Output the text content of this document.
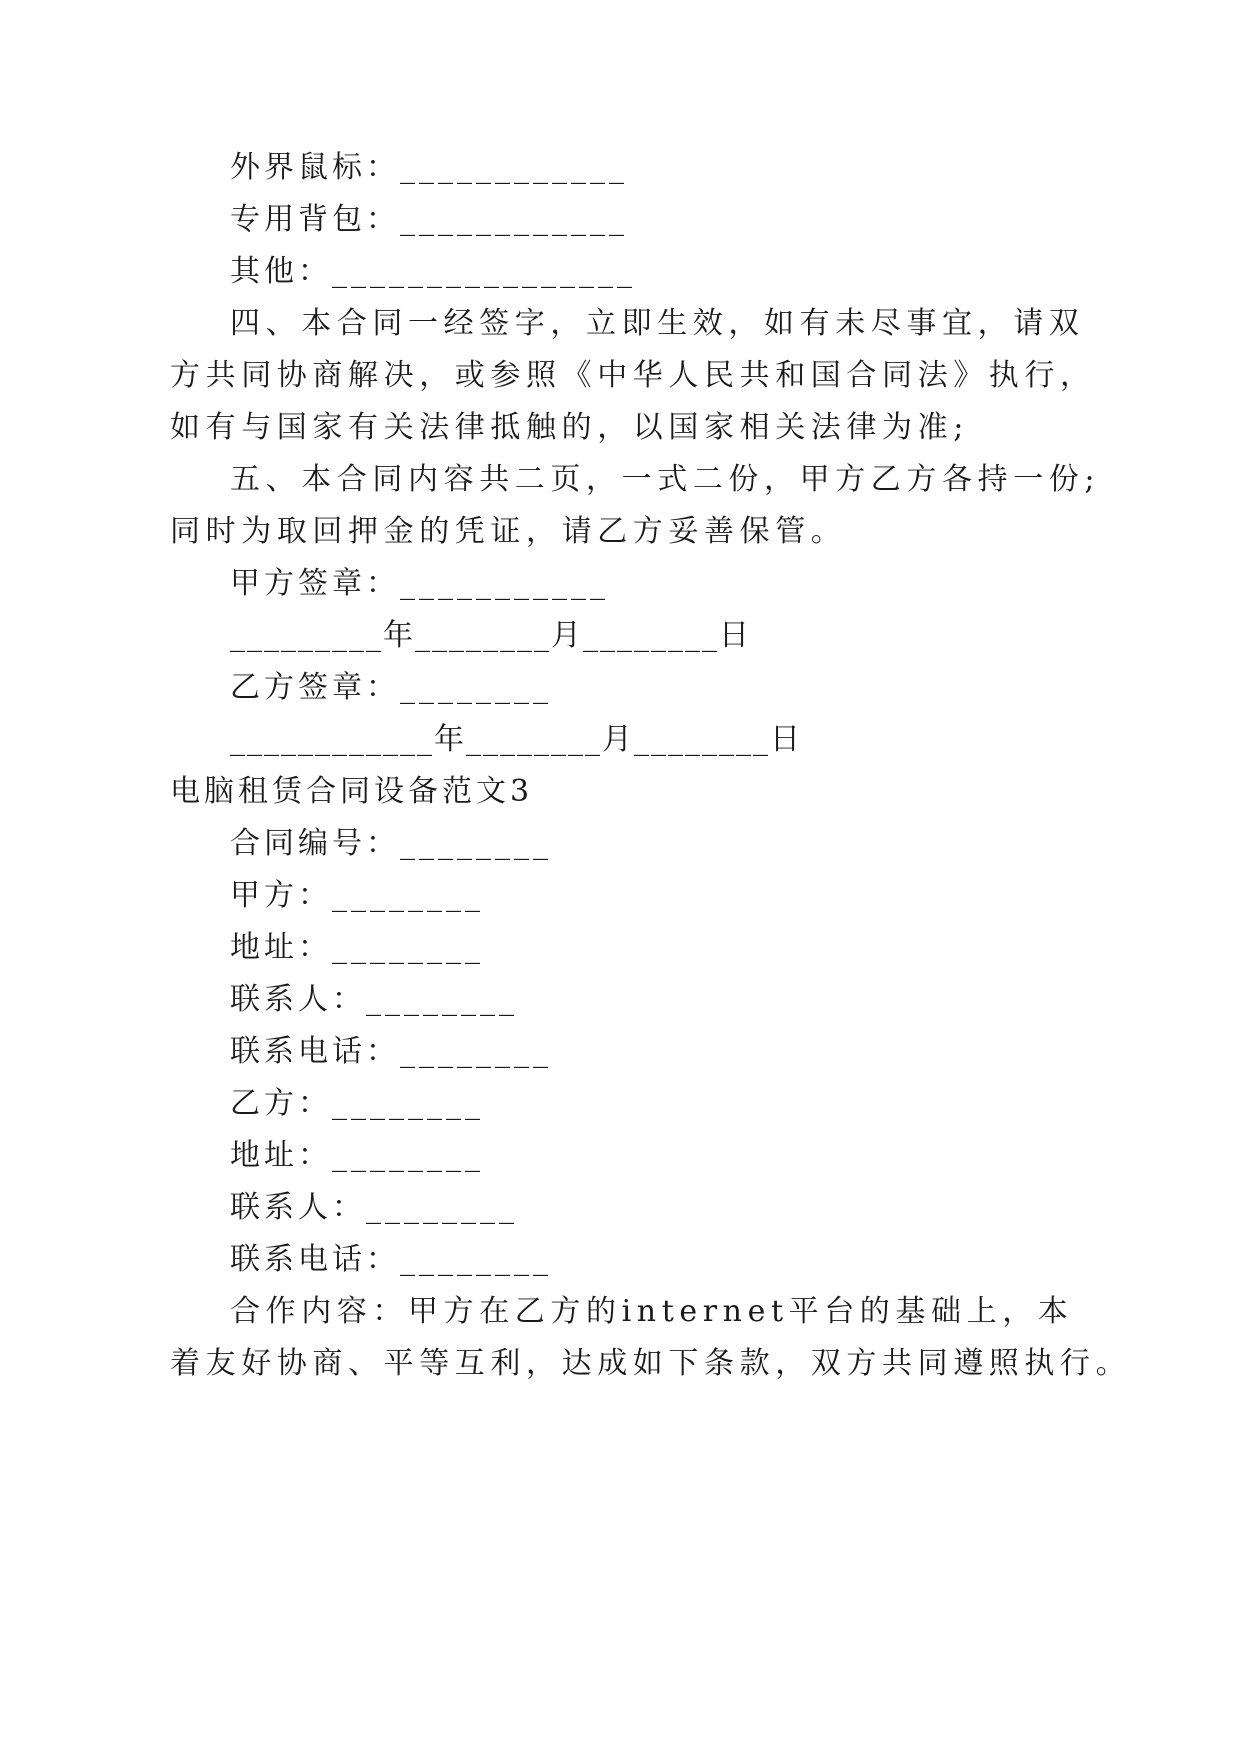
外界鼠标：____________
专用背包：____________
其他：________________
四、本合同一经签字，立即生效，如有未尽事宜，请双
方共同协商解决，或参照《中华人民共和国合同法》执行，
如有与国家有关法律抵触的，以国家相关法律为准;
五、本合同内容共二页，一式二份，甲方乙方各持一份;
同时为取回押金的凭证，请乙方妥善保管。
甲方签章：___________
_________年________月________日
乙方签章：________
____________年________月________日
电脑租赁合同设备范文3
合同编号：________
甲方：________
地址：________
联系人：________
联系电话：________
乙方：________
地址：________
联系人：________
联系电话：________
合作内容：甲方在乙方的internet平台的基础上，本
着友好协商、平等互利，达成如下条款，双方共同遵照执行。
